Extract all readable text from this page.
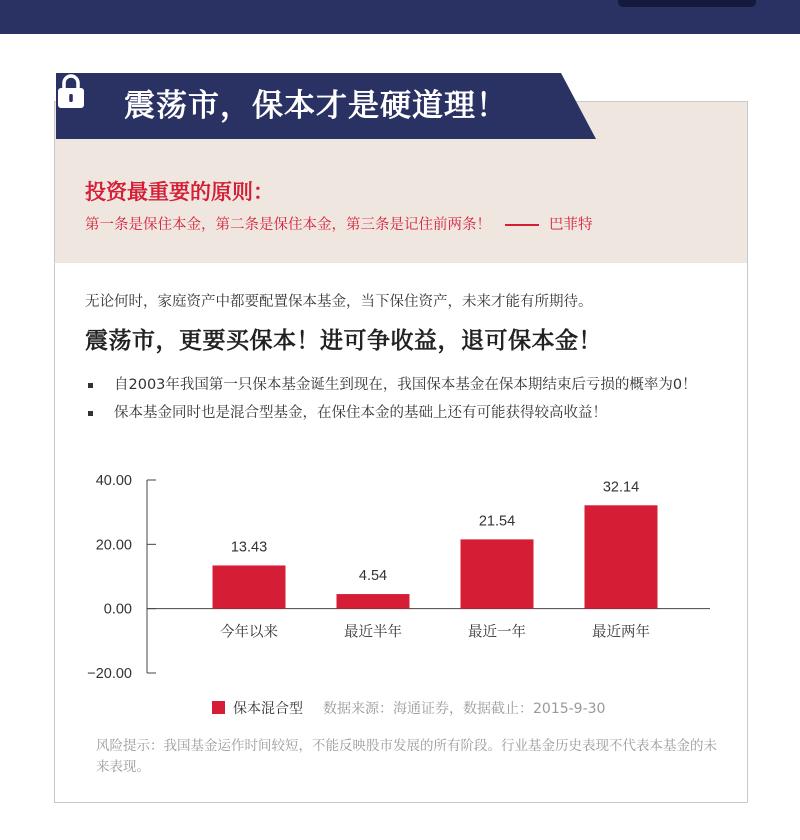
震荡市，保本才是硬道理！
投资最重要的原则：
第一条是保住本金，第二条是保住本金，第三条是记住前两条！	巴菲特
无论何时，家庭资产中都要配置保本基金，当下保住资产，未来才能有所期待。
震荡市，更要买保本！进可争收益，退可保本金！
自2003年我国第一只保本基金诞生到现在，我国保本基金在保本期结束后亏损的概率为0！
保本基金同时也是混合型基金，在保住本金的基础上还有可能获得较高收益！
40.00
20.00
0.00
−20.00
13.43
今年以来
4.54
最近半年
21.54
最近一年
32.14
最近两年
保本混合型 数据来源：海通证券，数据截止：2015-9-30
风险提示：我国基金运作时间较短，不能反映股市发展的所有阶段。行业基金历史表现不代表本基金的未来表现。
